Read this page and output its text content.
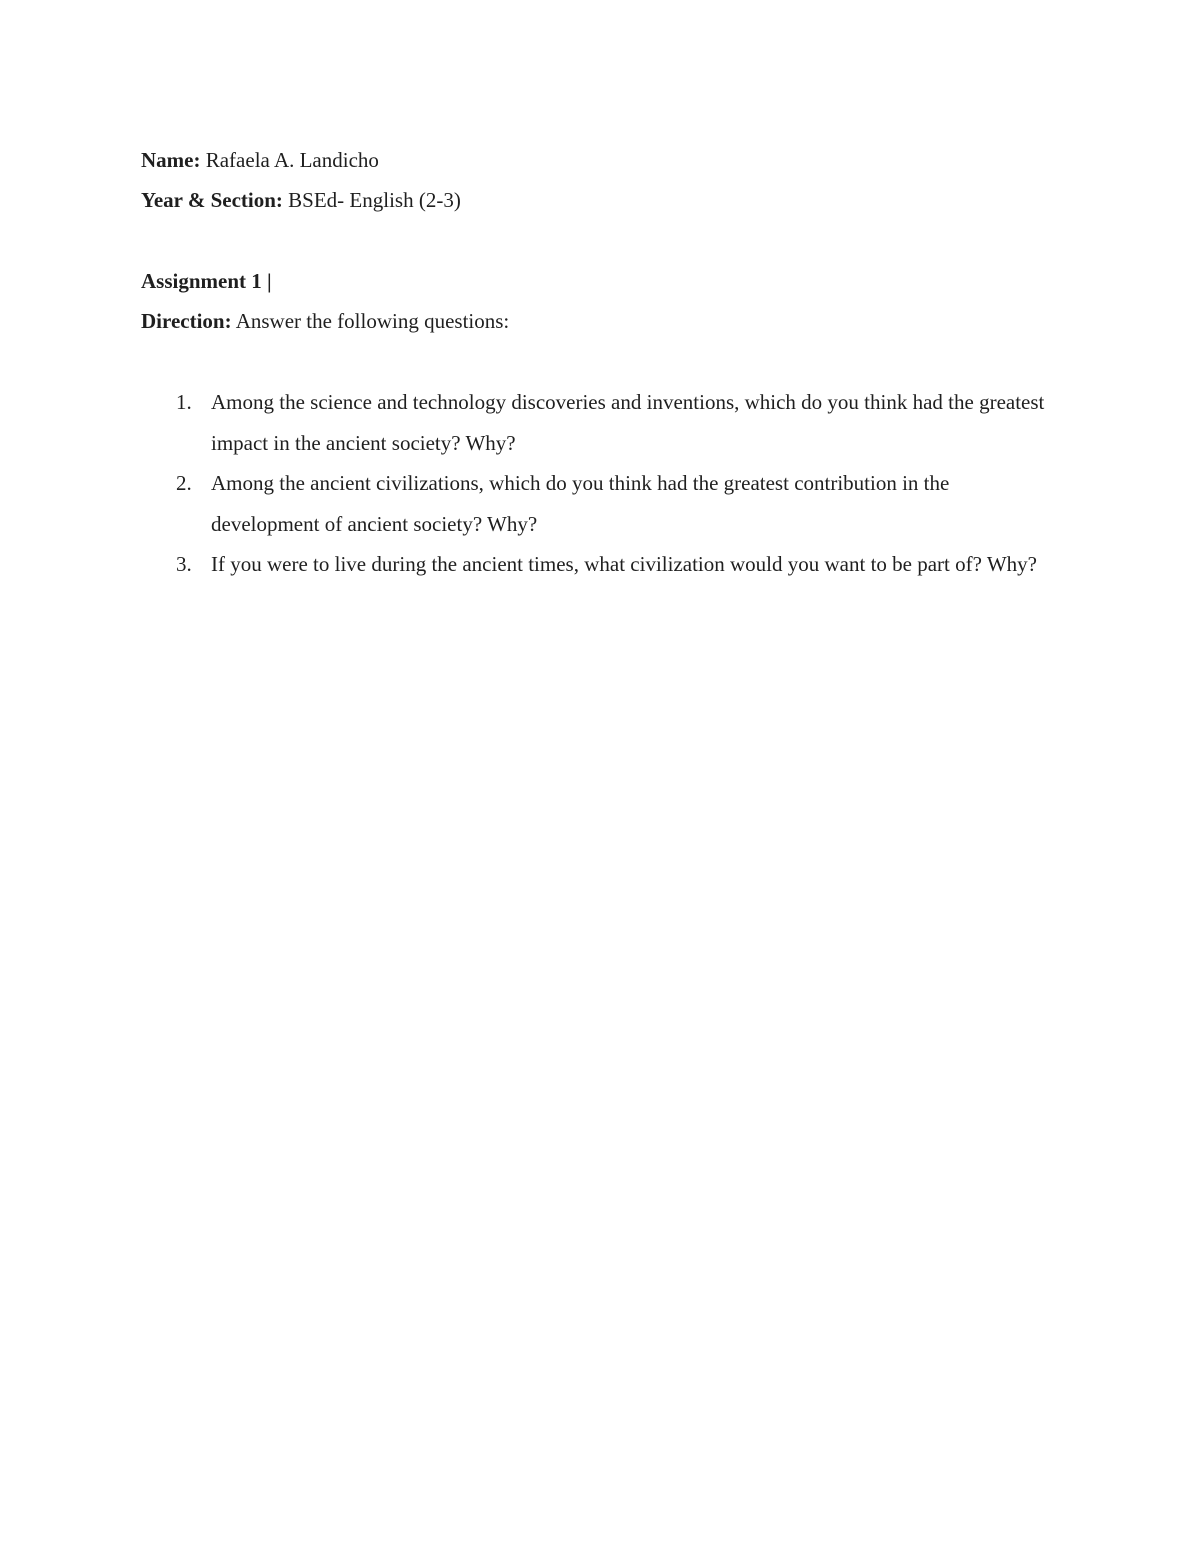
Name: Rafaela A. Landicho
Year & Section: BSEd- English (2-3)
Assignment 1 |
Direction: Answer the following questions:
1. Among the science and technology discoveries and inventions, which do you think had the greatest impact in the ancient society? Why?
2. Among the ancient civilizations, which do you think had the greatest contribution in the development of ancient society? Why?
3. If you were to live during the ancient times, what civilization would you want to be part of? Why?
